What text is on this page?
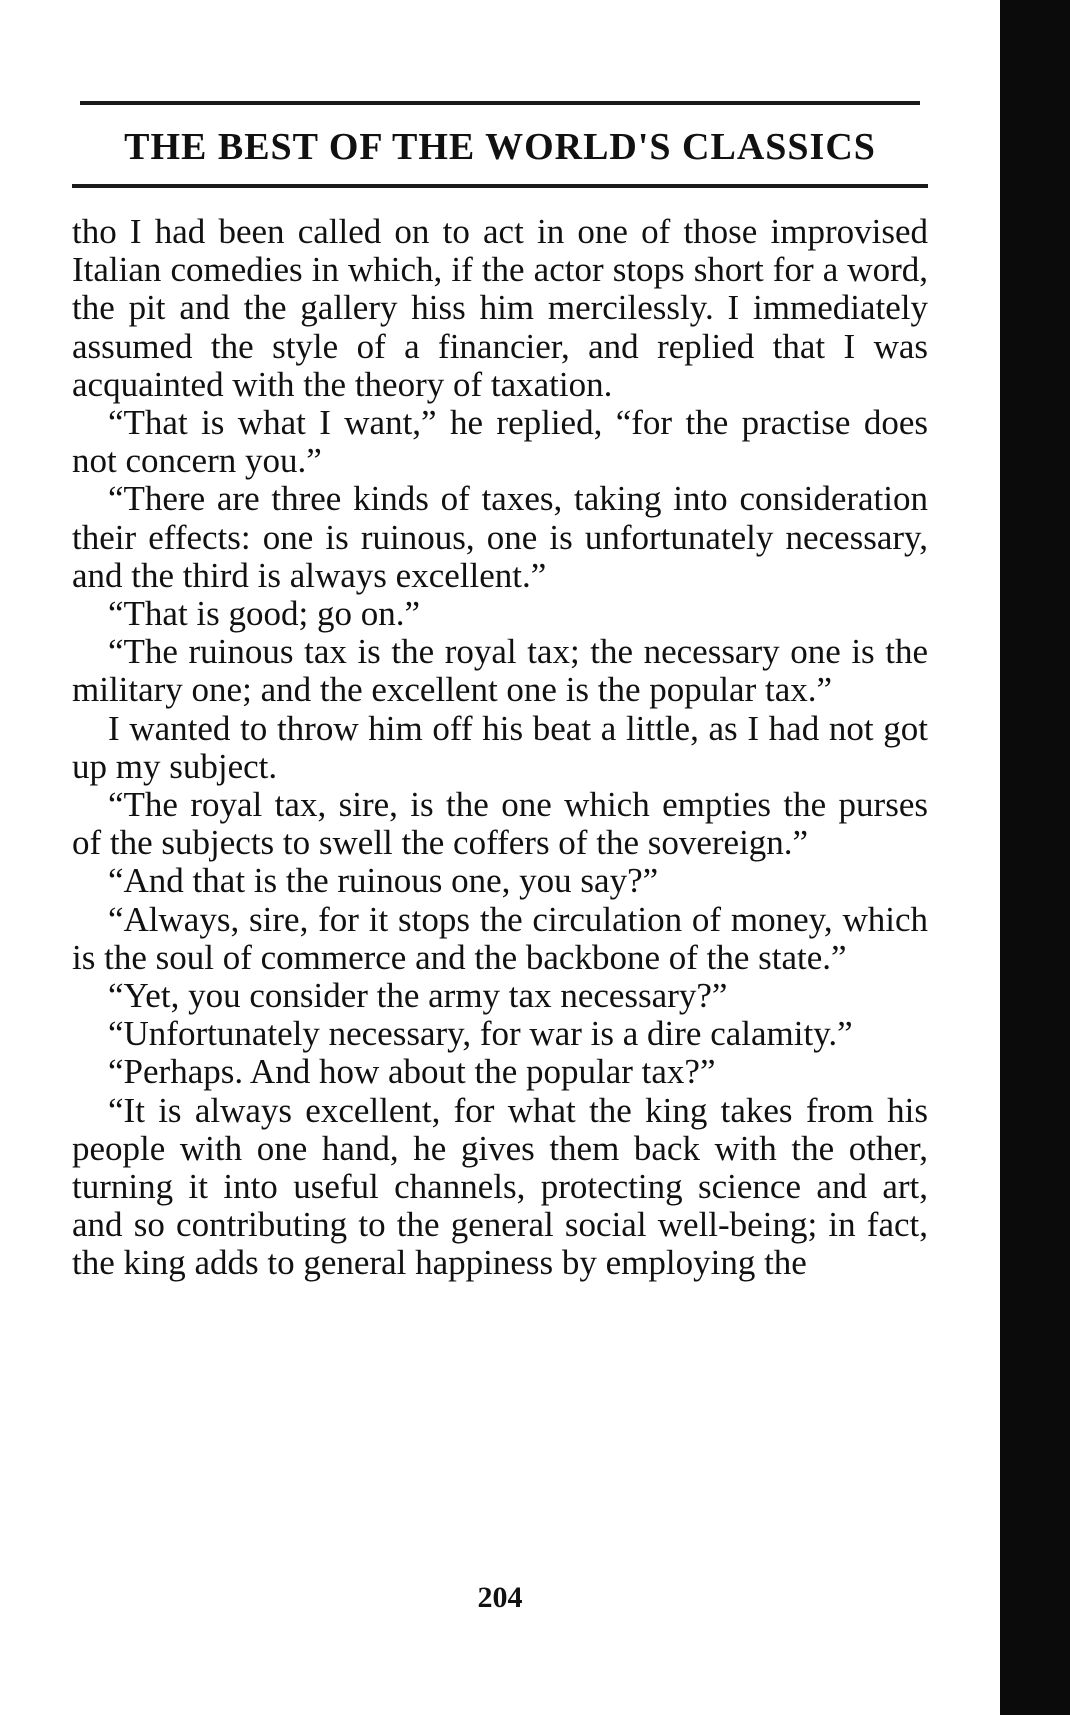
THE BEST OF THE WORLD'S CLASSICS

tho I had been called on to act in one of those improvised Italian comedies in which, if the actor stops short for a word, the pit and the gallery hiss him mercilessly. I immediately assumed the style of a financier, and replied that I was acquainted with the theory of taxation.

“That is what I want,” he replied, “for the practise does not concern you.”

“There are three kinds of taxes, taking into consideration their effects: one is ruinous, one is unfortunately necessary, and the third is always excellent.”

“That is good; go on.”

“The ruinous tax is the royal tax; the necessary one is the military one; and the excellent one is the popular tax.”

I wanted to throw him off his beat a little, as I had not got up my subject.

“The royal tax, sire, is the one which empties the purses of the subjects to swell the coffers of the sovereign.”

“And that is the ruinous one, you say?”

“Always, sire, for it stops the circulation of money, which is the soul of commerce and the backbone of the state.”

“Yet, you consider the army tax necessary?”

“Unfortunately necessary, for war is a dire calamity.”

“Perhaps. And how about the popular tax?”

“It is always excellent, for what the king takes from his people with one hand, he gives them back with the other, turning it into useful channels, protecting science and art, and so contributing to the general social well-being; in fact, the king adds to general happiness by employing the

204
